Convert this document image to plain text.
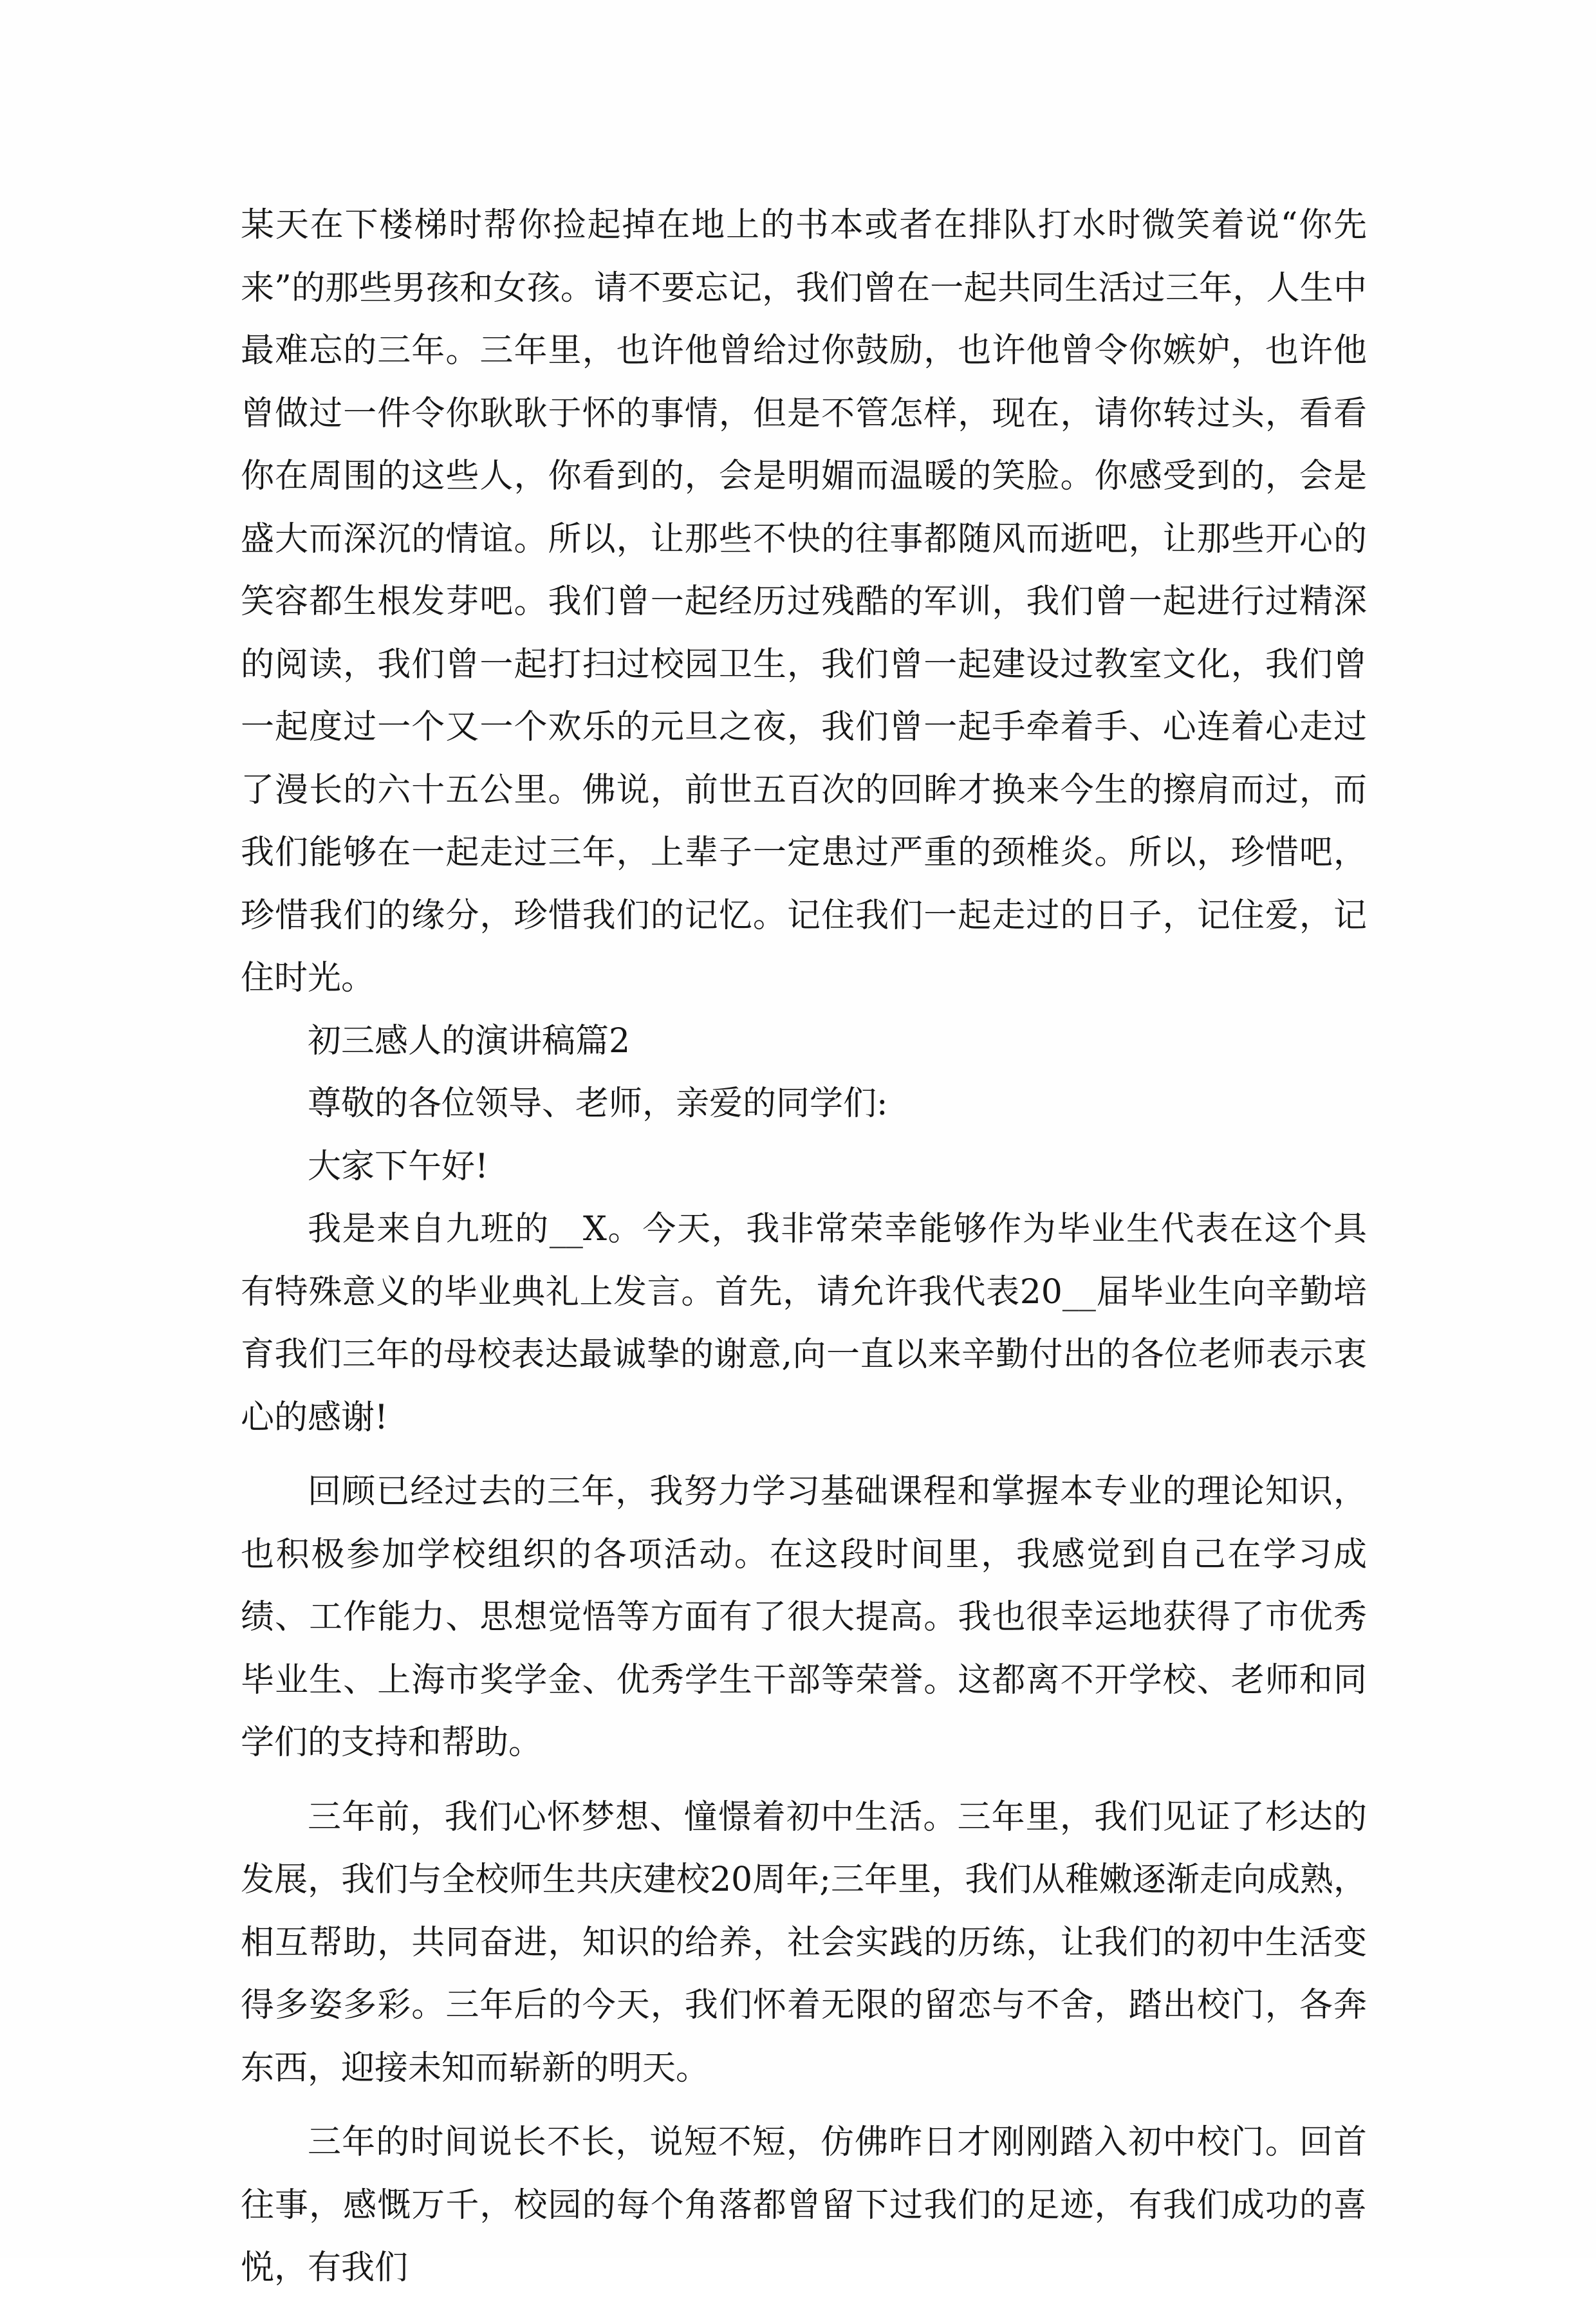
某天在下楼梯时帮你捡起掉在地上的书本或者在排队打水时微笑着说“你先来”的那些男孩和女孩。请不要忘记，我们曾在一起共同生活过三年，人生中最难忘的三年。三年里，也许他曾给过你鼓励，也许他曾令你嫉妒，也许他曾做过一件令你耿耿于怀的事情，但是不管怎样，现在，请你转过头，看看你在周围的这些人，你看到的，会是明媚而温暖的笑脸。你感受到的，会是盛大而深沉的情谊。所以，让那些不快的往事都随风而逝吧，让那些开心的笑容都生根发芽吧。我们曾一起经历过残酷的军训，我们曾一起进行过精深的阅读，我们曾一起打扫过校园卫生，我们曾一起建设过教室文化，我们曾一起度过一个又一个欢乐的元旦之夜，我们曾一起手牵着手、心连着心走过了漫长的六十五公里。佛说，前世五百次的回眸才换来今生的擦肩而过，而我们能够在一起走过三年，上辈子一定患过严重的颈椎炎。所以，珍惜吧，珍惜我们的缘分，珍惜我们的记忆。记住我们一起走过的日子，记住爱，记住时光。

初三感人的演讲稿篇2

尊敬的各位领导、老师，亲爱的同学们:

大家下午好!

我是来自九班的__X。今天，我非常荣幸能够作为毕业生代表在这个具有特殊意义的毕业典礼上发言。首先，请允许我代表20__届毕业生向辛勤培育我们三年的母校表达最诚挚的谢意,向一直以来辛勤付出的各位老师表示衷心的感谢!

回顾已经过去的三年，我努力学习基础课程和掌握本专业的理论知识，也积极参加学校组织的各项活动。在这段时间里，我感觉到自己在学习成绩、工作能力、思想觉悟等方面有了很大提高。我也很幸运地获得了市优秀毕业生、上海市奖学金、优秀学生干部等荣誉。这都离不开学校、老师和同学们的支持和帮助。

三年前，我们心怀梦想、憧憬着初中生活。三年里，我们见证了杉达的发展，我们与全校师生共庆建校20周年;三年里，我们从稚嫩逐渐走向成熟，相互帮助，共同奋进，知识的给养，社会实践的历练，让我们的初中生活变得多姿多彩。三年后的今天，我们怀着无限的留恋与不舍，踏出校门，各奔东西，迎接未知而崭新的明天。

三年的时间说长不长，说短不短，仿佛昨日才刚刚踏入初中校门。回首往事，感慨万千，校园的每个角落都曾留下过我们的足迹，有我们成功的喜悦，有我们
